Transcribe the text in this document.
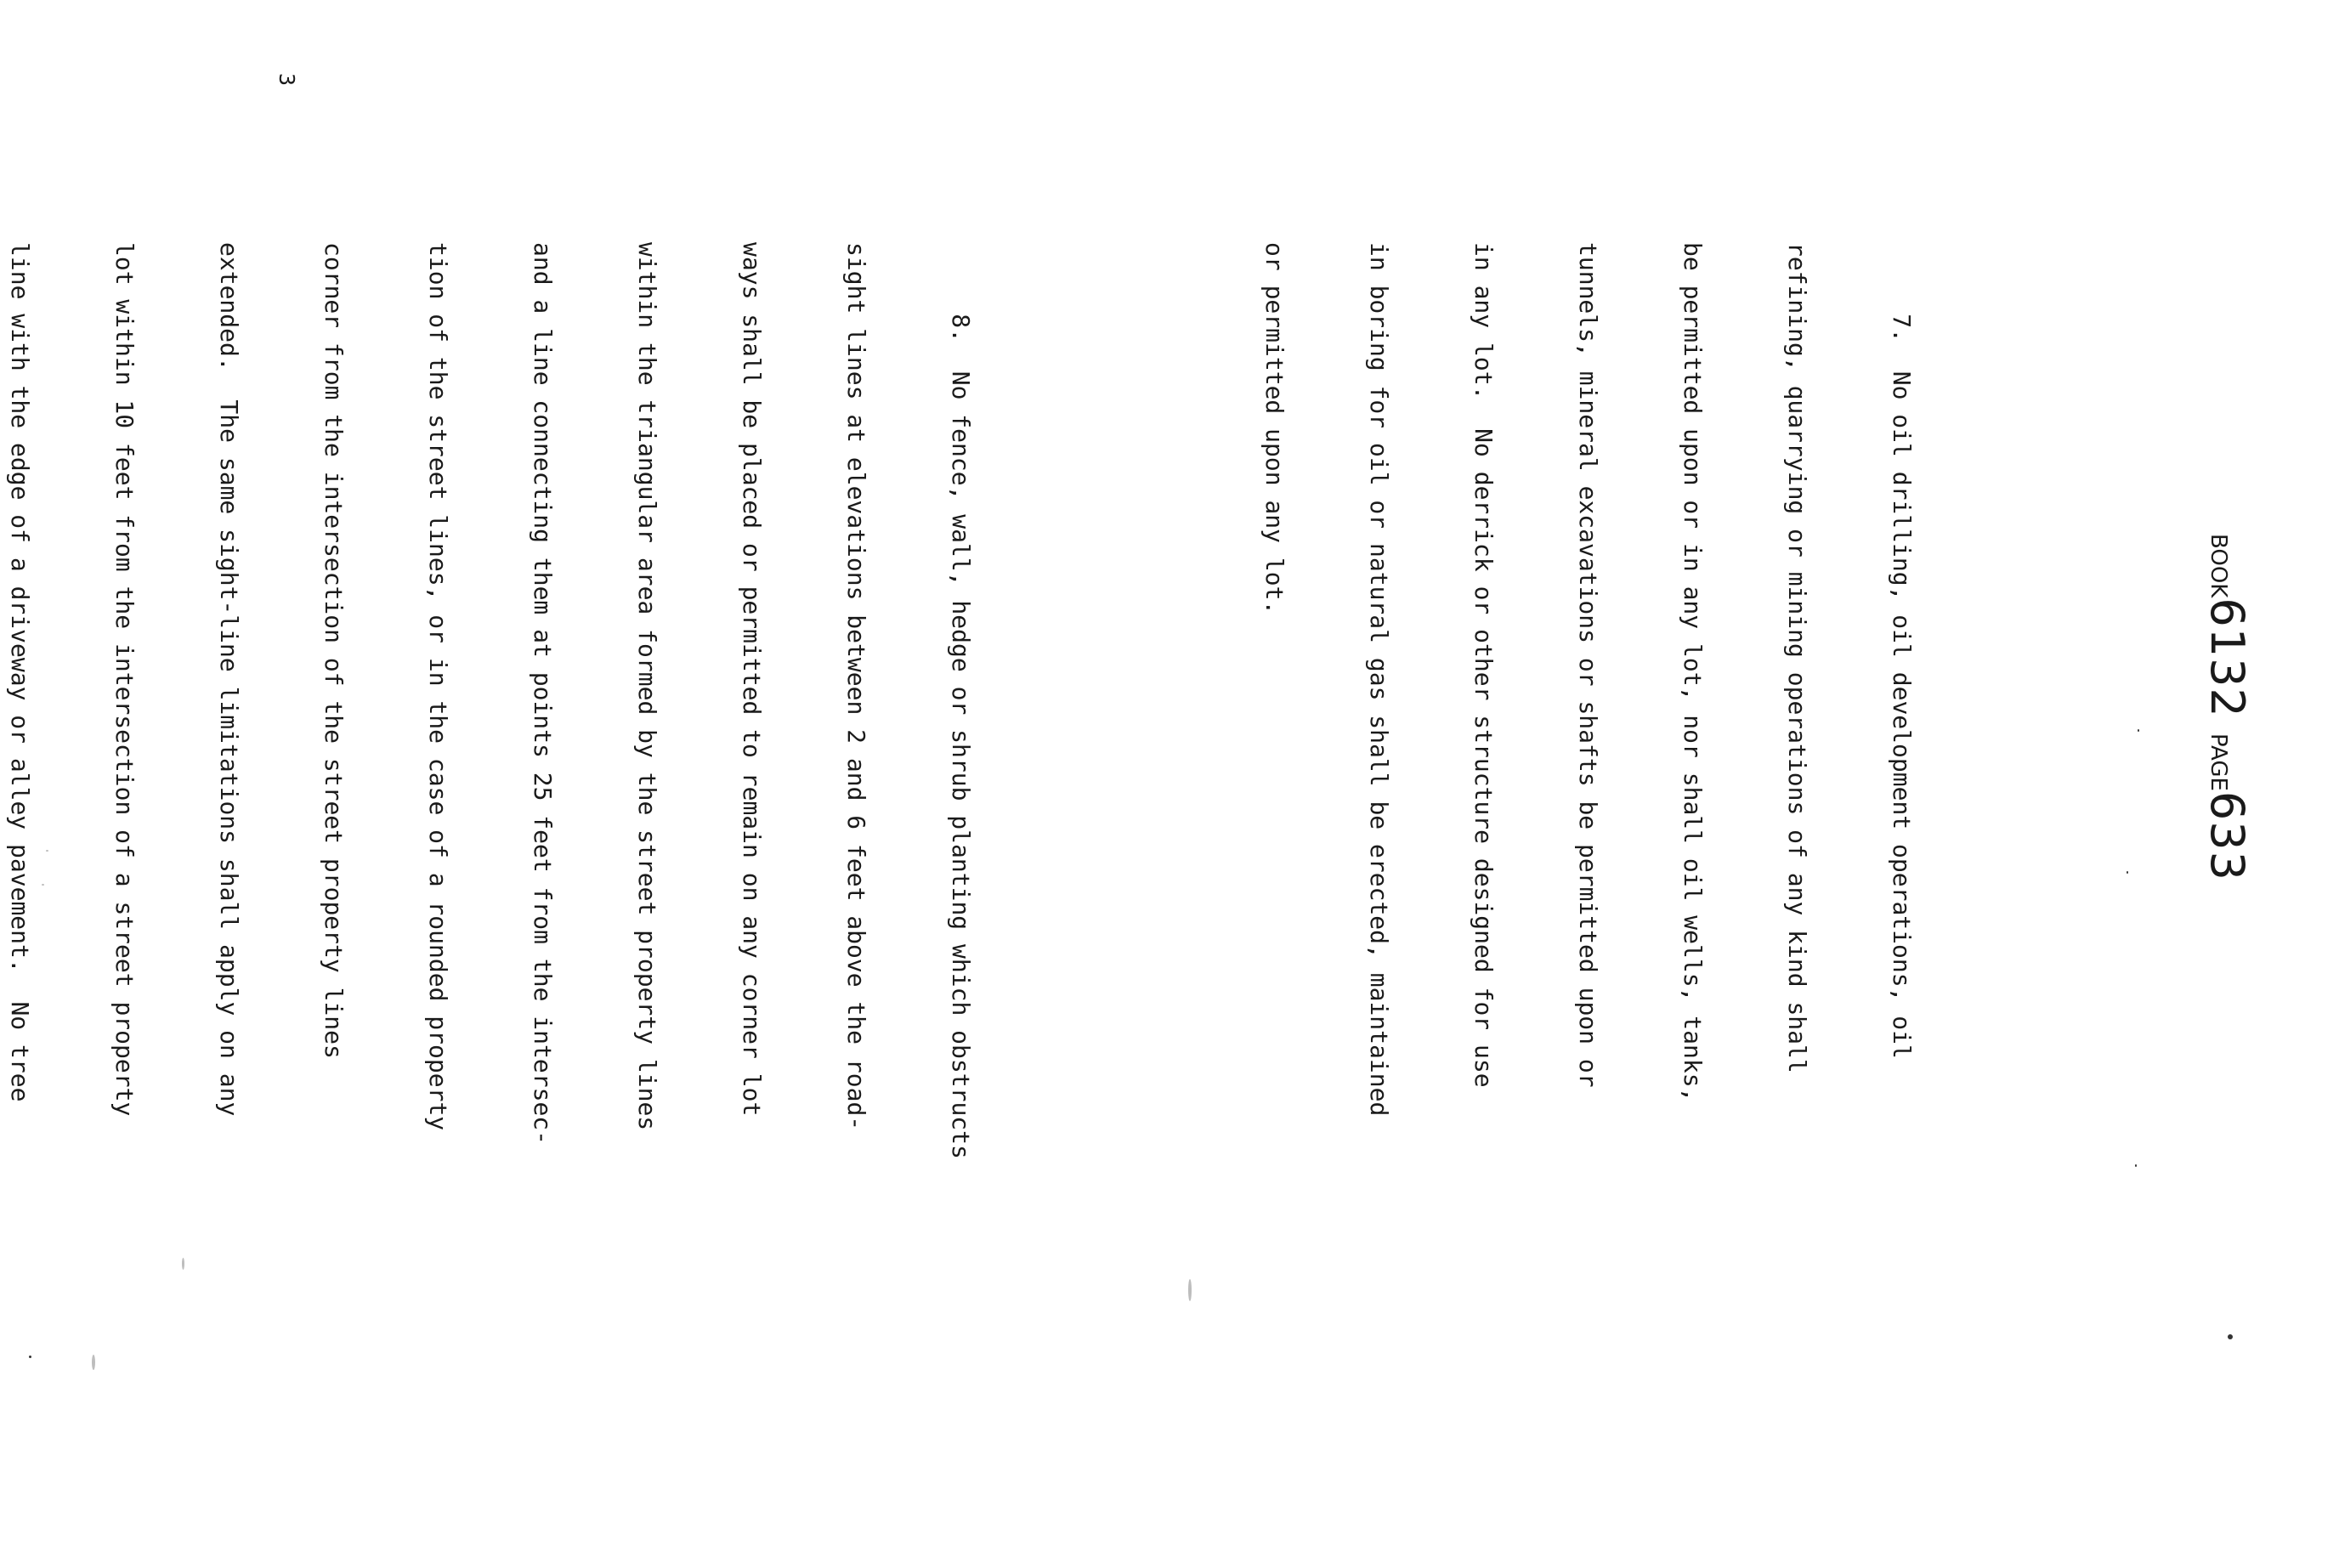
3

7.  No oil drilling, oil development operations, oil

refining, quarrying or mining operations of any kind shall

be permitted upon or in any lot, nor shall oil wells, tanks,

tunnels, mineral excavations or shafts be permitted upon or

in any lot.  No derrick or other structure designed for use

in boring for oil or natural gas shall be erected, maintained

or permitted upon any lot.

8.  No fence, wall, hedge or shrub planting which obstructs

sight lines at elevations between 2 and 6 feet above the road-

ways shall be placed or permitted to remain on any corner lot

within the triangular area formed by the street property lines

and a line connecting them at points 25 feet from the intersec-

tion of the street lines, or in the case of a rounded property

corner from the intersection of the street property lines

extended.  The same sight-line limitations shall apply on any

lot within 10 feet from the intersection of a street property

line with the edge of a driveway or alley pavement.  No tree

	BOOK6132 PAGE633
